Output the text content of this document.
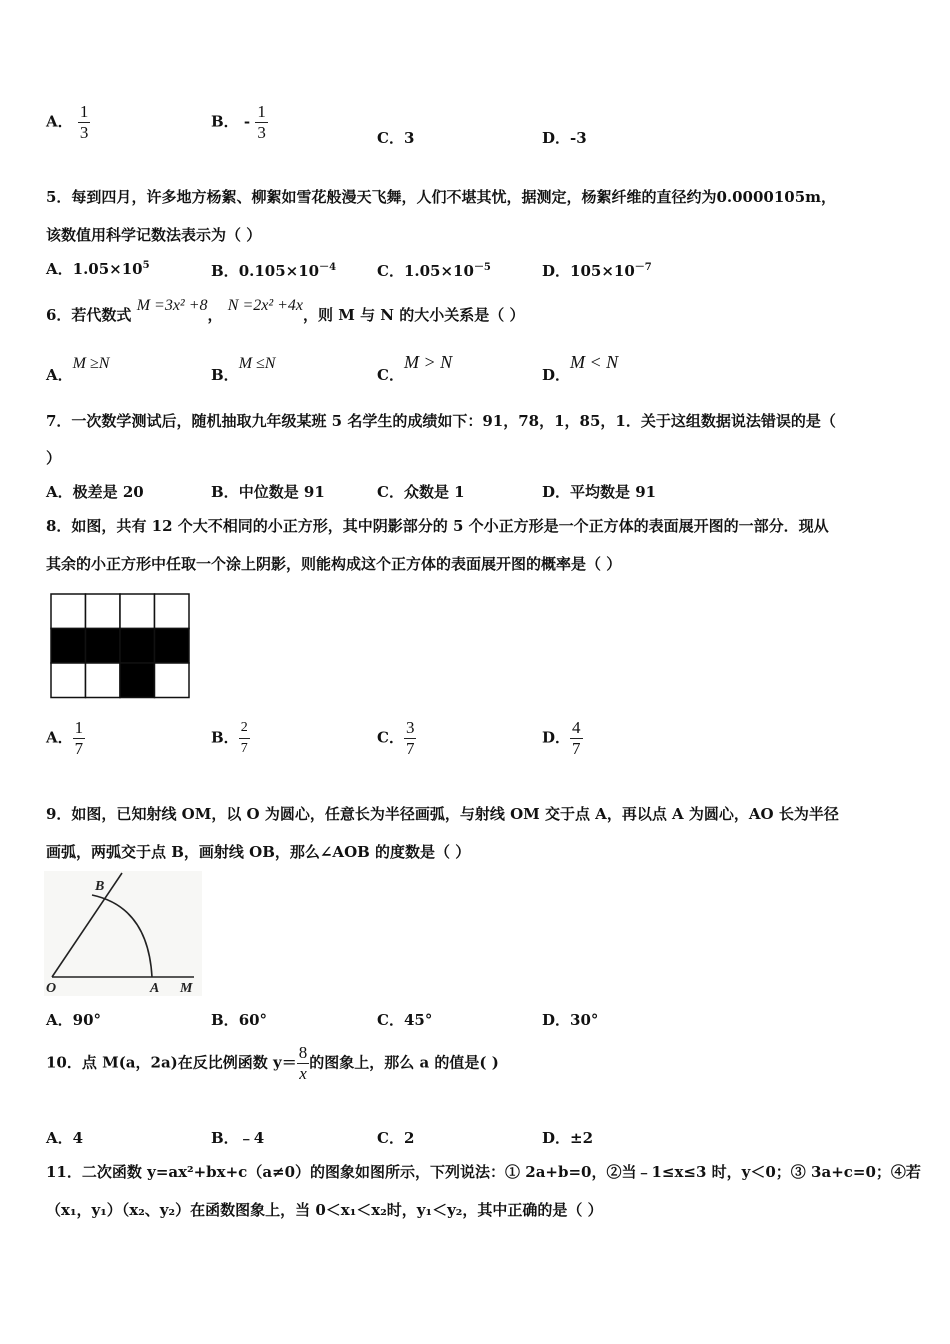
A． $\frac{1}{3}$	B． - $\frac{1}{3}$	C．3	D．-3
5．每到四月，许多地方杨絮、柳絮如雪花般漫天飞舞，人们不堪其忧，据测定，杨絮纤维的直径约为0.0000105m，
该数值用科学记数法表示为（ ）
A．$1.05\times 10^5$	B．$0.105\times 10^{-4}$	C．$1.05\times 10^{-5}$	D．$105\times 10^{-7}$
6．若代数式 M =3x² +8， N =2x² +4x，则 M 与 N 的大小关系是（ ）
A．M ≥N
B．M ≤N
C．M > N
D．M < N
7．一次数学测试后，随机抽取九年级某班 5 名学生的成绩如下：91，78，1，85，1．关于这组数据说法错误的是（
）
A．极差是 20	B．中位数是 91	C．众数是 1	D．平均数是 91
8．如图，共有 12 个大不相同的小正方形，其中阴影部分的 5 个小正方形是一个正方体的表面展开图的一部分．现从
其余的小正方形中任取一个涂上阴影，则能构成这个正方体的表面展开图的概率是（ ）
A． $\frac{1}{7}$	B． $\frac{2}{7}$	C． $\frac{3}{7}$	D． $\frac{4}{7}$
9．如图，已知射线 OM，以 O 为圆心，任意长为半径画弧，与射线 OM 交于点 A，再以点 A 为圆心，AO 长为半径
画弧，两弧交于点 B，画射线 OB，那么∠AOB 的度数是（ ）
O	A M
B
A．90°	B．60°	C．45°	D．30°
10．点 M(a，2a)在反比例函数 $y= \frac{8}{x}$ 的图象上，那么 a 的值是( )
A．4	B．﹣4	C．2	D．±2
11．二次函数 y=ax²+bx+c（a≠0）的图象如图所示，下列说法：① 2a+b=0，②当﹣1≤x≤3 时，y＜0；③ 3a+c=0；④若
（x₁，y₁）（x₂、y₂）在函数图象上，当 0＜x₁＜x₂时，y₁＜y₂，其中正确的是（ ）
